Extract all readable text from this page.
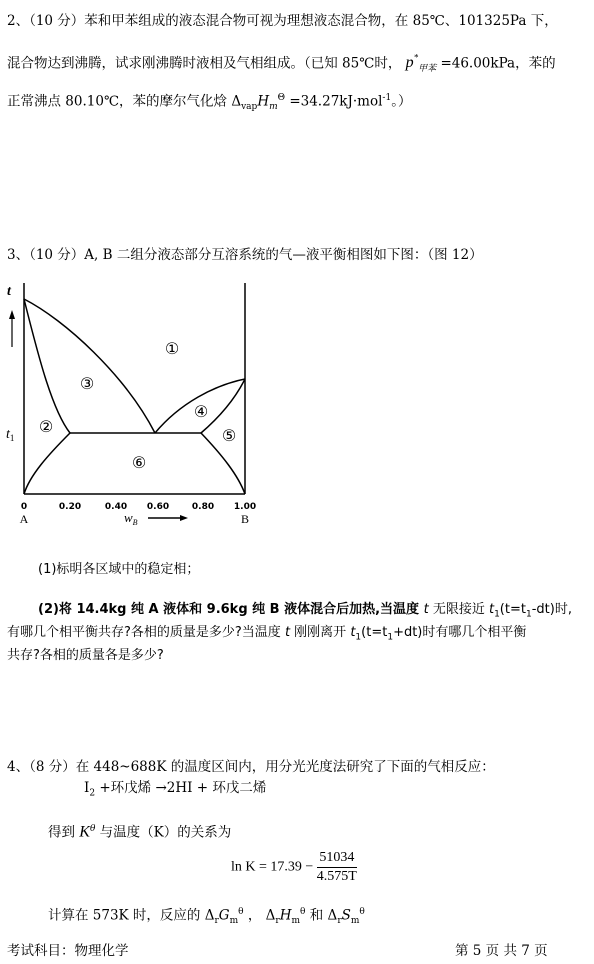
2、（10 分）苯和甲苯组成的液态混合物可视为理想液态混合物，在 85℃、101325Pa 下，
混合物达到沸腾，试求刚沸腾时液相及气相组成。（已知 85℃时， $p^*_{甲苯} =46.00kPa$，苯的
正常沸点 80.10℃，苯的摩尔气化焓 $\Delta_{vap}H_m^\Theta =34.27kJ\cdot mol^{-1}$。）
3、（10 分）A, B 二组分液态部分互溶系统的气—液平衡相图如下图：（图 12）
①
②
③
④
⑤
⑥
t
$t_1$
0	0.20	0.40 0.60	0.80 1.00
A	B
$w_B$
(1)标明各区域中的稳定相；
(2)将 14.4kg 纯 A 液体和 9.6kg 纯 B 液体混合后加热,当温度 t 无限接近 $t_1(t=t_1-dt)$时,
有哪几个相平衡共存?各相的质量是多少?当温度 t 刚刚离开 $t_1(t=t_1+dt)$时有哪几个相平衡
共存?各相的质量各是多少?
4、（8 分）在 448~688K 的温度区间内，用分光光度法研究了下面的气相反应：
$I_2$ +环戊烯 →2HI + 环戊二烯
得到 $K^\theta$ 与温度（K）的关系为
$\ln K = 17.39 - \frac{51034}{4.575T}$
计算在 573K 时，反应的 $\Delta_rG_m^\theta$ ， $\Delta_rH_m^\theta$ 和 $\Delta_rS_m^\theta$
考试科目：物理化学	第 5 页 共 7 页
